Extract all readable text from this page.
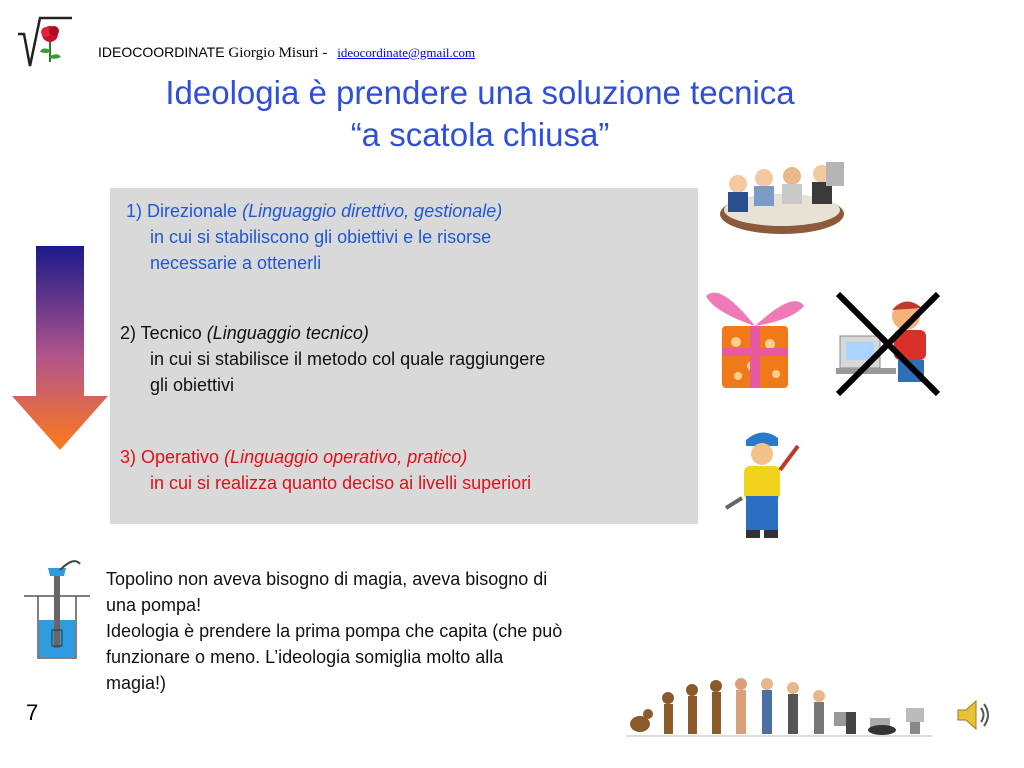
IDEOCOORDINATE Giorgio Misuri - ideocordinate@gmail.com
Ideologia è prendere una soluzione tecnica
“a scatola chiusa”
1) Direzionale (Linguaggio direttivo, gestionale)
in cui si stabiliscono gli obiettivi e le risorse
necessarie a ottenerli
2) Tecnico (Linguaggio tecnico)
in cui si stabilisce il metodo col quale raggiungere
gli obiettivi
3) Operativo (Linguaggio operativo, pratico)
in cui si realizza quanto deciso ai livelli superiori
Topolino non aveva bisogno di magia, aveva bisogno di
una pompa!
Ideologia è prendere la prima pompa che capita (che può
funzionare o meno. L’ideologia somiglia molto alla
magia!)
7
